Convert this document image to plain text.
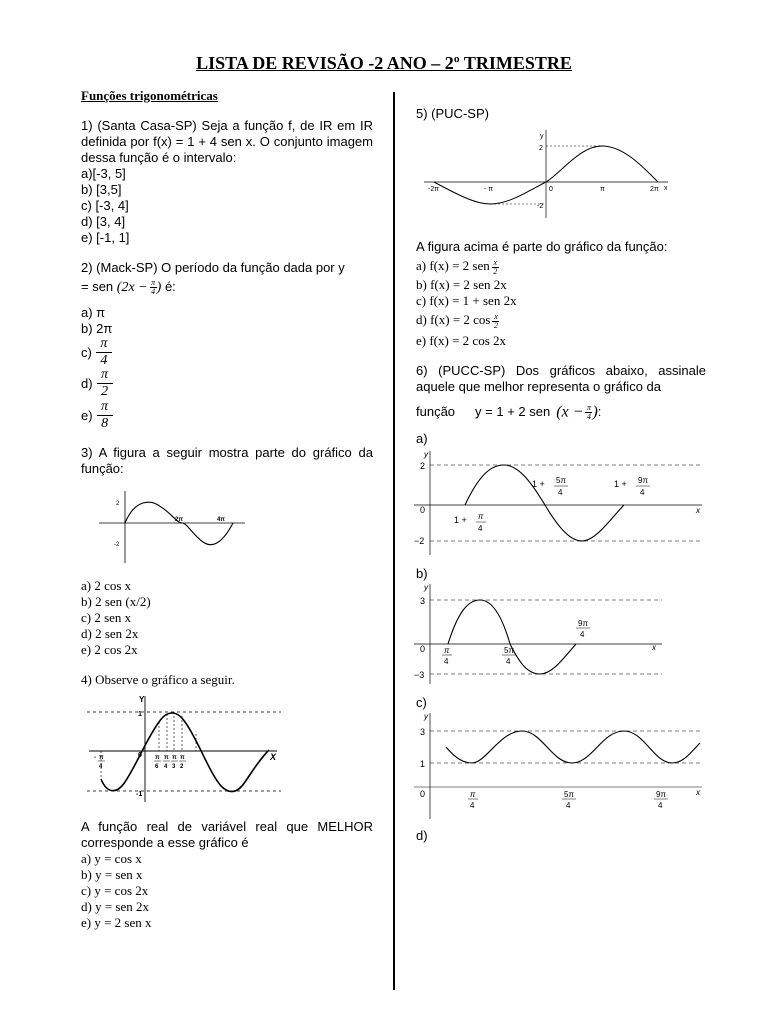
LISTA DE REVISÃO -2 ANO – 2º TRIMESTRE
Funções trigonométricas

1) (Santa Casa-SP) Seja a função f, de IR em IR definida por f(x) = 1 + 4 sen x. O conjunto imagem dessa função é o intervalo:

a)[-3, 5]

b) [3,5]

c) [-3, 4]

d) [3, 4]

e) [-1, 1]

2) (Mack-SP) O período da função dada por y

= sen ($2x - \frac{\pi}{4}$ ) é:

a) π

b) 2π

$c) \frac{\pi}{4}$
$d) \frac{\pi}{2}$
$e) \frac{\pi}{8}$

3) A figura a seguir mostra parte do gráfico da função:

2
-2
2π	4π

a) 2 cos x

b) 2 sen (x/2)

c) 2 sen x

d) 2 sen 2x

e) 2 cos 2x

4) Observe o gráfico a seguir.

Y
1
-1
0	X
- π
4
π
6
π
4
π
3
π
2

A função real de variável real que MELHOR corresponde a esse gráfico é

a) y = cos x

b) y = sen x

c) y = cos 2x

d) y = sen 2x

e) y = 2 sen x

5) (PUC-SP)

y
2
-2
0
-2π	- π	π	2π x

A figura acima é parte do gráfico da função:

a) f(x) = 2 sen $\frac{x}{2}$

b) f(x) = 2 sen 2x

c) f(x) = 1 + sen 2x

d) f(x) = 2 $\cos \frac{x}{2}$

e) f(x) = 2 cos 2x

6) (PUCC-SP) Dos gráficos abaixo, assinale aquele que melhor representa o gráfico da

função y = 1 + 2 sen ($x - \frac{\pi}{4}$ ) :

a)

y
2
−2
0	x
1 + π
4
1 + 5π
4
1 + 9π
4

b)

y
3
−3
0	x
π
4
5π
4
9π
4

c)

y
3
1
0	x
π
4
5π
4
9π
4

d)
